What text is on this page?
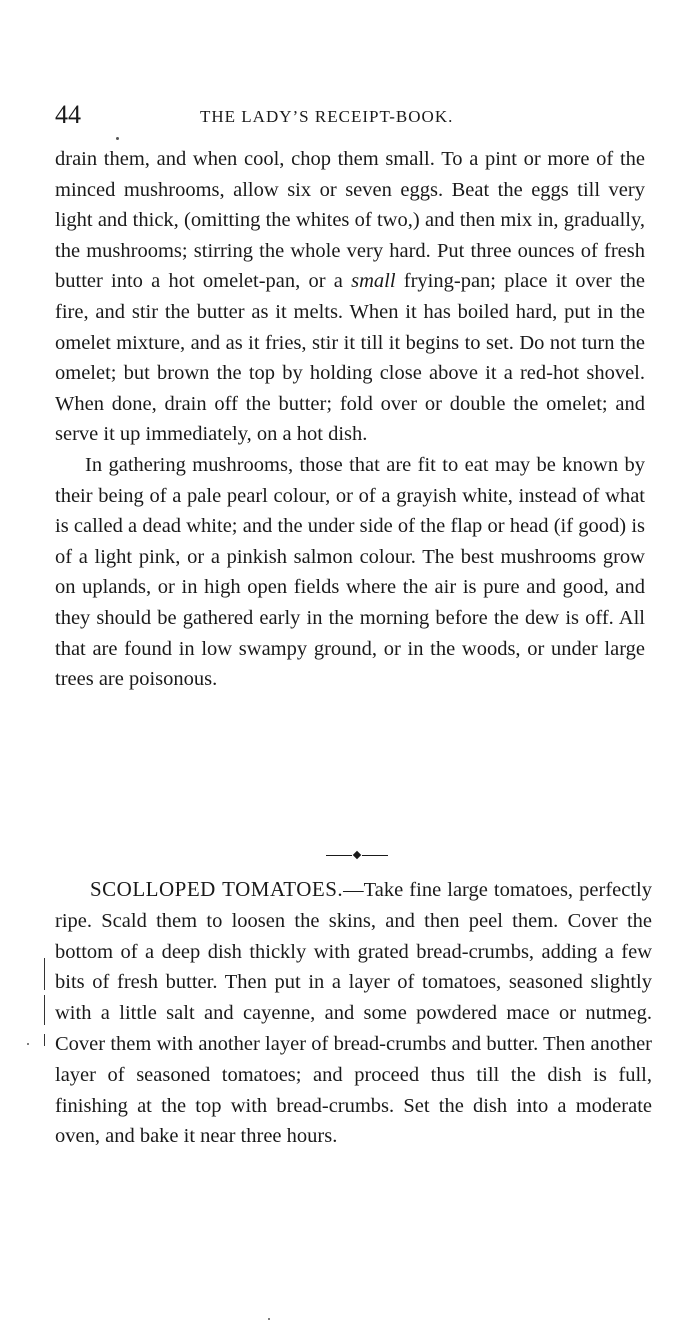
44	THE LADY’S RECEIPT-BOOK.

drain them, and when cool, chop them small. To a pint or more of the minced mushrooms, allow six or seven eggs. Beat the eggs till very light and thick, (omitting the whites of two,) and then mix in, gradually, the mushrooms; stirring the whole very hard. Put three ounces of fresh butter into a hot omelet-pan, or a small frying-pan; place it over the fire, and stir the butter as it melts. When it has boiled hard, put in the omelet mixture, and as it fries, stir it till it begins to set. Do not turn the omelet; but brown the top by holding close above it a red-hot shovel. When done, drain off the butter; fold over or double the omelet; and serve it up immediately, on a hot dish.

In gathering mushrooms, those that are fit to eat may be known by their being of a pale pearl colour, or of a grayish white, instead of what is called a dead white; and the under side of the flap or head (if good) is of a light pink, or a pinkish salmon colour. The best mushrooms grow on uplands, or in high open fields where the air is pure and good, and they should be gathered early in the morning before the dew is off. All that are found in low swampy ground, or in the woods, or under large trees are poisonous.

SCOLLOPED TOMATOES.—Take fine large tomatoes, perfectly ripe. Scald them to loosen the skins, and then peel them. Cover the bottom of a deep dish thickly with grated bread-crumbs, adding a few bits of fresh butter. Then put in a layer of tomatoes, seasoned slightly with a little salt and cayenne, and some powdered mace or nutmeg. Cover them with another layer of bread-crumbs and butter. Then another layer of seasoned tomatoes; and proceed thus till the dish is full, finishing at the top with bread-crumbs. Set the dish into a moderate oven, and bake it near three hours.
